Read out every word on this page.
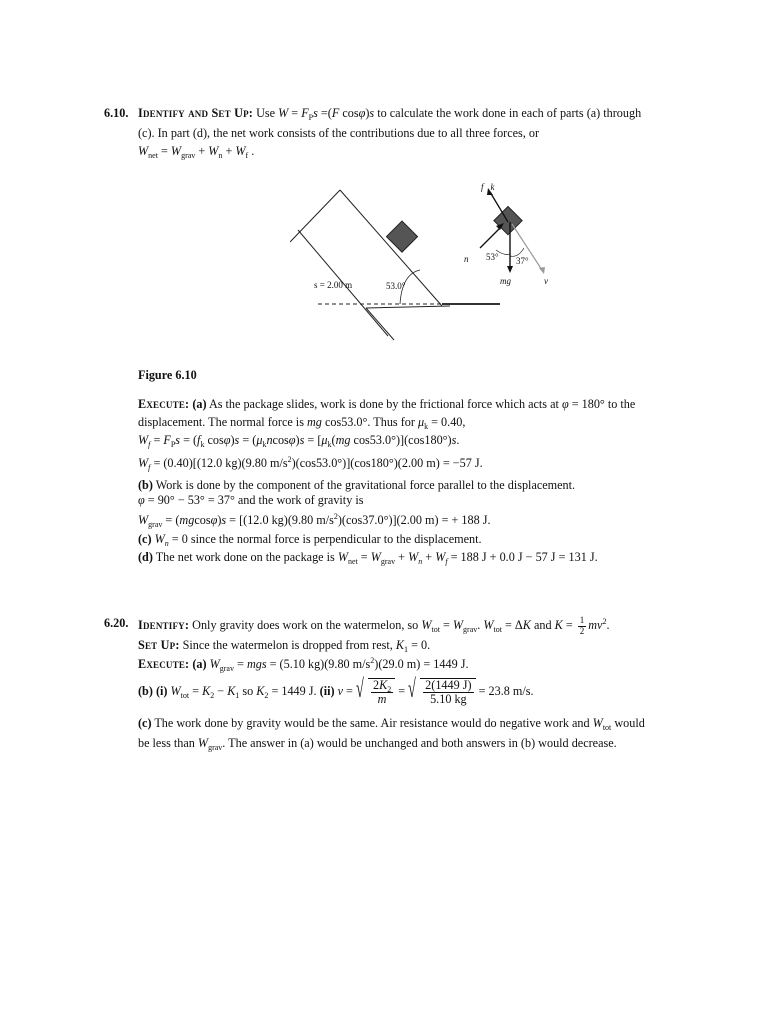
6.10. Identify and Set Up: Use $W = F_Ps =(F$ cosφ)s to calculate the work done in each of parts (a) through
(c). In part (d), the net work consists of the contributions due to all three forces, or
$W_{net} = W_{grav} + W_n + W_f$ .
s = 2.00 m	53.0°
f⃗k
n⃗ 53° 37°
mg⃗	v⃗
Figure 6.10
Execute: (a) As the package slides, work is done by the frictional force which acts at φ = 180° to the
displacement. The normal force is mg cos53.0°. Thus for $\mu_k = 0.40$,
$W_f = F_Ps = (f_k$ $\cos\varphi)s = (\mu_kncos\varphi)s = [\mu_k(mg$ cos53.0°)](cos180°)s.
$W_f = (0.40)[(12.0$ kg)(9.80 $m/s^2)(\cos 53.0^\circ)](\cos 180^\circ)(2.00$ m) = −57 J.
(b) Work is done by the component of the gravitational force parallel to the displacement.
φ = 90° − 53° = 37° and the work of gravity is
$W_{grav} = (mgcos\varphi)s = [(12.0$ kg)(9.80 $m/s^2)(\cos 37.0^\circ)](2.00$ m) = + 188 J.
(c) $W_n = 0$ since the normal force is perpendicular to the displacement.
(d) The net work done on the package is $W_{net} = W_{grav} + W_n + W_f = 188$ J + 0.0 J − 57 J = 131 J.
6.20. Identify: Only gravity does work on the watermelon, so $W_{tot} = W_{grav}$. $W_{tot} = \Delta K$ and $K = \frac{1}{2} mv^2$.
Set Up: Since the watermelon is dropped from rest, $K_1 = 0$.
Execute: (a) $W_{grav}$ = mgs = (5.10 kg)(9.80 $m/s^2)(29.0$ m) = 1449 J.
(b) (i) $W_{tot} = K_2 - K_1$ so $K_2 = 1449$ J. (ii) v = √ $\frac{2K_2}{m}$ = √ $\frac{2(1449 J)}{5.10 kg} = 23.8$ m/s.
(c) The work done by gravity would be the same. Air resistance would do negative work and $W_{tot}$ would
be less than $W_{grav}$. The answer in (a) would be unchanged and both answers in (b) would decrease.
